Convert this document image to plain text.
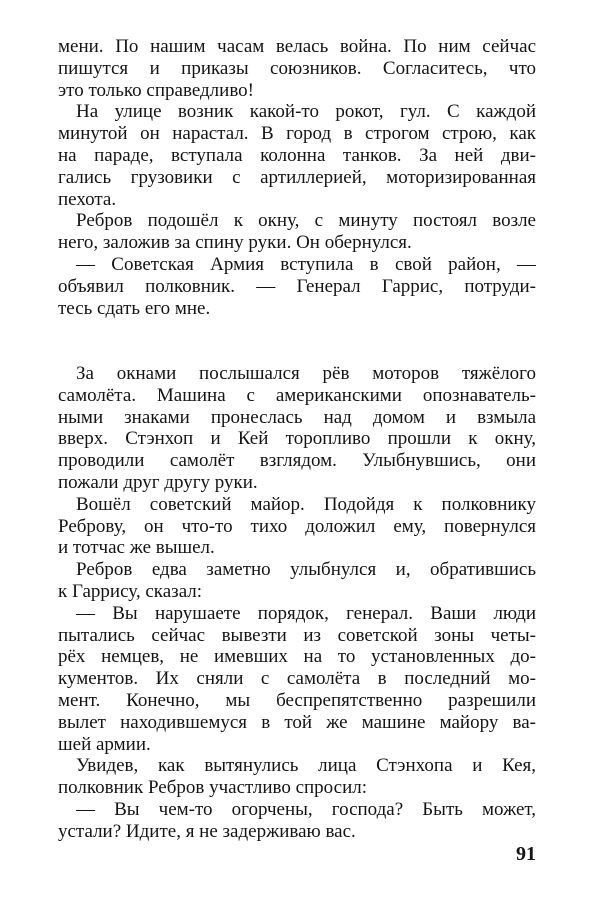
мени. По нашим часам велась война. По ним сейчас
пишутся и приказы союзников. Согласитесь, что
это только справедливо!
На улице возник какой-то рокот, гул. С каждой
минутой он нарастал. В город в строгом строю, как
на параде, вступала колонна танков. За ней дви-
гались грузовики с артиллерией, моторизированная
пехота.
Ребров подошёл к окну, с минуту постоял возле
него, заложив за спину руки. Он обернулся.
— Советская Армия вступила в свой район, —
объявил полковник. — Генерал Гаррис, потруди-
тесь сдать его мне.
За окнами послышался рёв моторов тяжёлого
самолёта. Машина с американскими опознаватель-
ными знаками пронеслась над домом и взмыла
вверх. Стэнхоп и Кей торопливо прошли к окну,
проводили самолёт взглядом. Улыбнувшись, они
пожали друг другу руки.
Вошёл советский майор. Подойдя к полковнику
Реброву, он что-то тихо доложил ему, повернулся
и тотчас же вышел.
Ребров едва заметно улыбнулся и, обратившись
к Гаррису, сказал:
— Вы нарушаете порядок, генерал. Ваши люди
пытались сейчас вывезти из советской зоны четы-
рёх немцев, не имевших на то установленных до-
кументов. Их сняли с самолёта в последний мо-
мент. Конечно, мы беспрепятственно разрешили
вылет находившемуся в той же машине майору ва-
шей армии.
Увидев, как вытянулись лица Стэнхопа и Кея,
полковник Ребров участливо спросил:
— Вы чем-то огорчены, господа? Быть может,
устали? Идите, я не задерживаю вас.
91
